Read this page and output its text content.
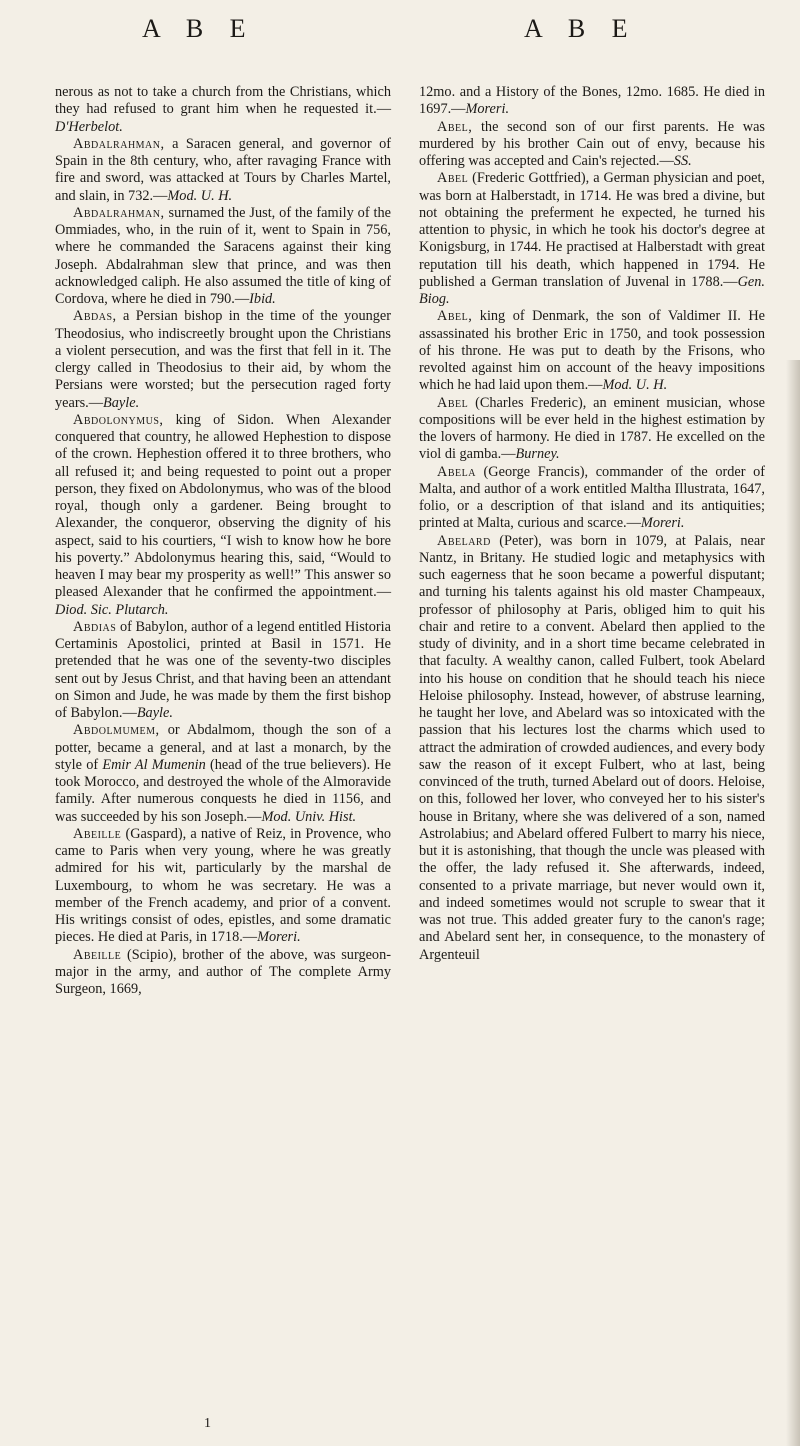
A B E	A B E

nerous as not to take a church from the Christians, which they had refused to grant him when he requested it.—D'Herbelot.

Abdalrahman, a Saracen general, and governor of Spain in the 8th century, who, after ravaging France with fire and sword, was attacked at Tours by Charles Martel, and slain, in 732.—Mod. U. H.

Abdalrahman, surnamed the Just, of the family of the Ommiades, who, in the ruin of it, went to Spain in 756, where he commanded the Saracens against their king Joseph. Abdalrahman slew that prince, and was then acknowledged caliph. He also assumed the title of king of Cordova, where he died in 790.—Ibid.

Abdas, a Persian bishop in the time of the younger Theodosius, who indiscreetly brought upon the Christians a violent persecution, and was the first that fell in it. The clergy called in Theodosius to their aid, by whom the Persians were worsted; but the persecution raged forty years.—Bayle.

Abdolonymus, king of Sidon. When Alexander conquered that country, he allowed Hephestion to dispose of the crown. Hephestion offered it to three brothers, who all refused it; and being requested to point out a proper person, they fixed on Abdolonymus, who was of the blood royal, though only a gardener. Being brought to Alexander, the conqueror, observing the dignity of his aspect, said to his courtiers, “I wish to know how he bore his poverty.” Abdolonymus hearing this, said, “Would to heaven I may bear my prosperity as well!” This answer so pleased Alexander that he confirmed the appointment.—Diod. Sic. Plutarch.

Abdias of Babylon, author of a legend entitled Historia Certaminis Apostolici, printed at Basil in 1571. He pretended that he was one of the seventy-two disciples sent out by Jesus Christ, and that having been an attendant on Simon and Jude, he was made by them the first bishop of Babylon.—Bayle.

Abdolmumem, or Abdalmom, though the son of a potter, became a general, and at last a monarch, by the style of Emir Al Mumenin (head of the true believers). He took Morocco, and destroyed the whole of the Almoravide family. After numerous conquests he died in 1156, and was succeeded by his son Joseph.—Mod. Univ. Hist.

Abeille (Gaspard), a native of Reiz, in Provence, who came to Paris when very young, where he was greatly admired for his wit, particularly by the marshal de Luxembourg, to whom he was secretary. He was a member of the French academy, and prior of a convent. His writings consist of odes, epistles, and some dramatic pieces. He died at Paris, in 1718.—Moreri.

Abeille (Scipio), brother of the above, was surgeon-major in the army, and author of The complete Army Surgeon, 1669,

12mo. and a History of the Bones, 12mo. 1685. He died in 1697.—Moreri.

Abel, the second son of our first parents. He was murdered by his brother Cain out of envy, because his offering was accepted and Cain's rejected.—SS.

Abel (Frederic Gottfried), a German physician and poet, was born at Halberstadt, in 1714. He was bred a divine, but not obtaining the preferment he expected, he turned his attention to physic, in which he took his doctor's degree at Konigsburg, in 1744. He practised at Halberstadt with great reputation till his death, which happened in 1794. He published a German translation of Juvenal in 1788.—Gen. Biog.

Abel, king of Denmark, the son of Valdimer II. He assassinated his brother Eric in 1750, and took possession of his throne. He was put to death by the Frisons, who revolted against him on account of the heavy impositions which he had laid upon them.—Mod. U. H.

Abel (Charles Frederic), an eminent musician, whose compositions will be ever held in the highest estimation by the lovers of harmony. He died in 1787. He excelled on the viol di gamba.—Burney.

Abela (George Francis), commander of the order of Malta, and author of a work entitled Maltha Illustrata, 1647, folio, or a description of that island and its antiquities; printed at Malta, curious and scarce.—Moreri.

Abelard (Peter), was born in 1079, at Palais, near Nantz, in Britany. He studied logic and metaphysics with such eagerness that he soon became a powerful disputant; and turning his talents against his old master Champeaux, professor of philosophy at Paris, obliged him to quit his chair and retire to a convent. Abelard then applied to the study of divinity, and in a short time became celebrated in that faculty. A wealthy canon, called Fulbert, took Abelard into his house on condition that he should teach his niece Heloise philosophy. Instead, however, of abstruse learning, he taught her love, and Abelard was so intoxicated with the passion that his lectures lost the charms which used to attract the admiration of crowded audiences, and every body saw the reason of it except Fulbert, who at last, being convinced of the truth, turned Abelard out of doors. Heloise, on this, followed her lover, who conveyed her to his sister's house in Britany, where she was delivered of a son, named Astrolabius; and Abelard offered Fulbert to marry his niece, but it is astonishing, that though the uncle was pleased with the offer, the lady refused it. She afterwards, indeed, consented to a private marriage, but never would own it, and indeed sometimes would not scruple to swear that it was not true. This added greater fury to the canon's rage; and Abelard sent her, in consequence, to the monastery of Argenteuil

1
